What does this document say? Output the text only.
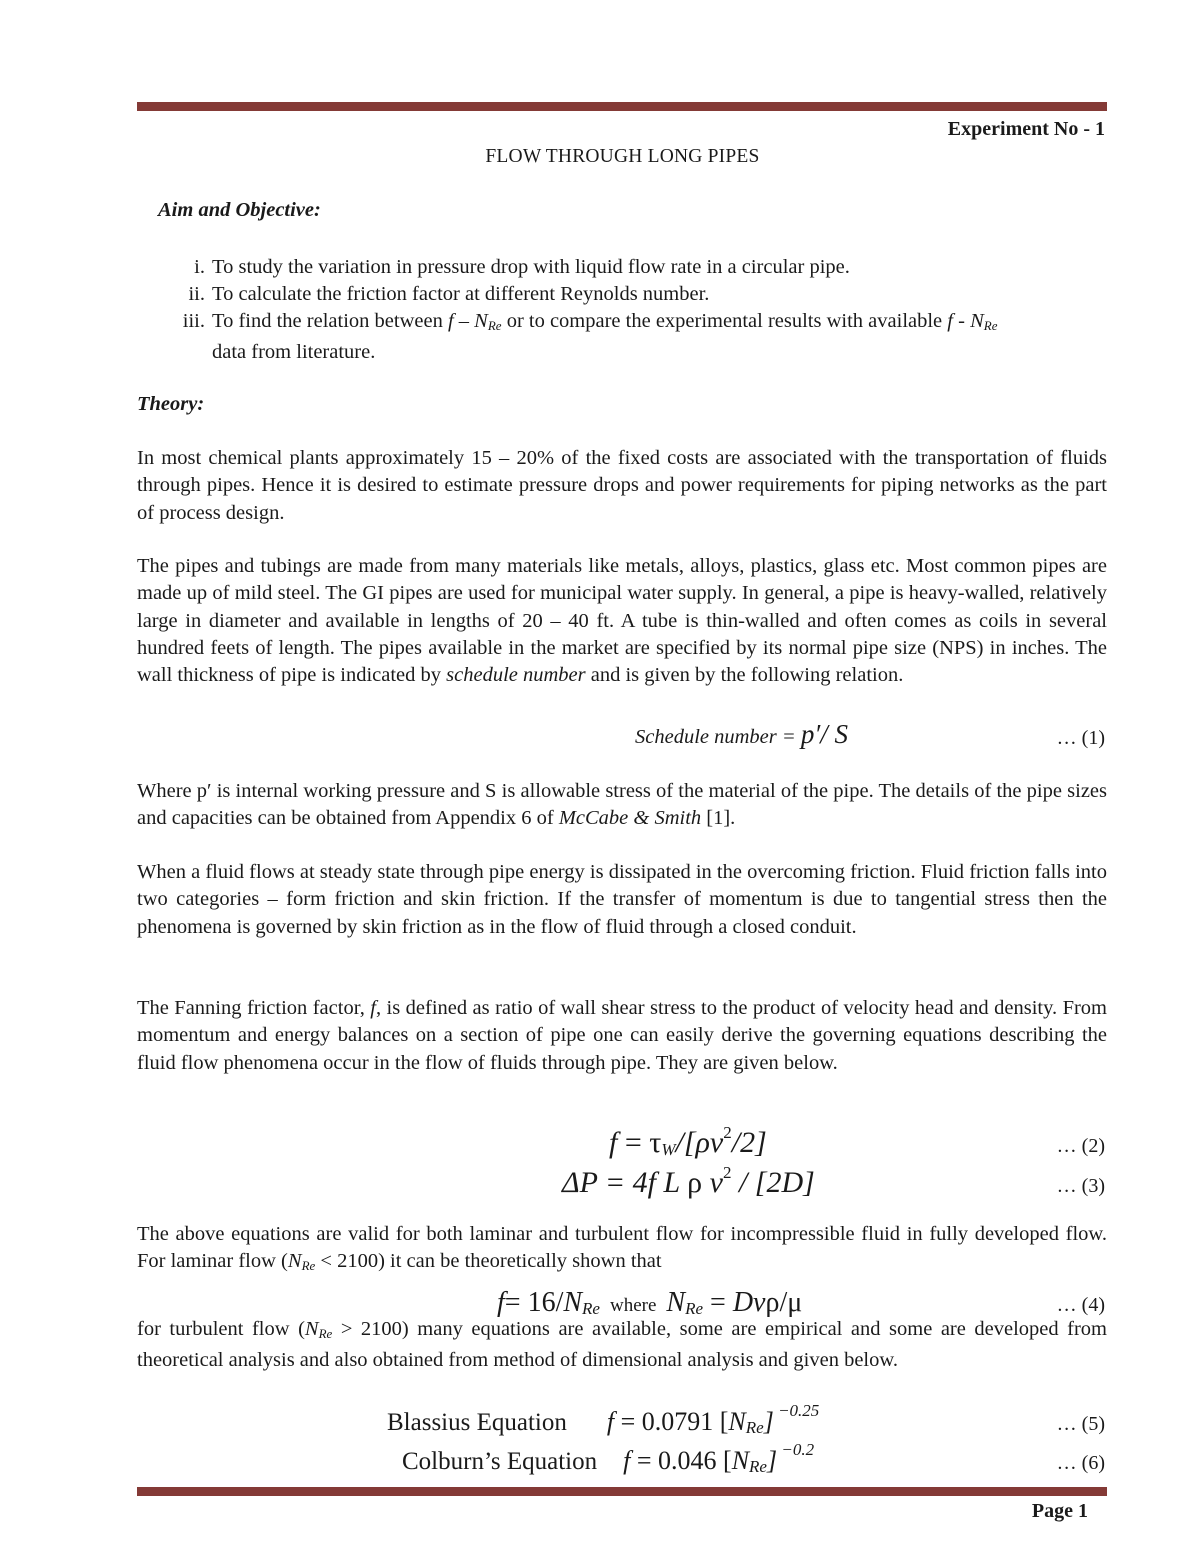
Experiment No - 1
FLOW THROUGH LONG PIPES
Aim and Objective:
i. To study the variation in pressure drop with liquid flow rate in a circular pipe.
ii. To calculate the friction factor at different Reynolds number.
iii. To find the relation between f – $N_{Re}$ or to compare the experimental results with available f - $N_{Re}$
data from literature.
Theory:
In most chemical plants approximately 15 – 20% of the fixed costs are associated with the transportation of fluids through pipes. Hence it is desired to estimate pressure drops and power requirements for piping networks as the part of process design.
The pipes and tubings are made from many materials like metals, alloys, plastics, glass etc. Most common pipes are made up of mild steel. The GI pipes are used for municipal water supply. In general, a pipe is heavy-walled, relatively large in diameter and available in lengths of 20 – 40 ft. A tube is thin-walled and often comes as coils in several hundred feets of length. The pipes available in the market are specified by its normal pipe size (NPS) in inches. The wall thickness of pipe is indicated by schedule number and is given by the following relation.
Schedule number = p′/ S	… (1)
Where p′ is internal working pressure and S is allowable stress of the material of the pipe. The details of the pipe sizes and capacities can be obtained from Appendix 6 of McCabe & Smith [1].
When a fluid flows at steady state through pipe energy is dissipated in the overcoming friction. Fluid friction falls into two categories – form friction and skin friction. If the transfer of momentum is due to tangential stress then the phenomena is governed by skin friction as in the flow of fluid through a closed conduit.
The Fanning friction factor, f, is defined as ratio of wall shear stress to the product of velocity head and density. From momentum and energy balances on a section of pipe one can easily derive the governing equations describing the fluid flow phenomena occur in the flow of fluids through pipe. They are given below.
$f = \tau W/[\rho v^2/2]$	… (2)
ΔP = 4f L ρ $v^2 / [2D]$	… (3)
The above equations are valid for both laminar and turbulent flow for incompressible fluid in fully developed flow. For laminar flow $(N_{Re} < 2100)$ it can be theoretically shown that
f= 16/NRe where NRe = Dvρ/μ	… (4)
for turbulent flow $(N_{Re} > 2100)$ many equations are available, some are empirical and some are developed from theoretical analysis and also obtained from method of dimensional analysis and given below.
Blassius Equation f = 0.0791 [NRe] $^{-0.25}$
… (5)
Colburn’s Equation f = 0.046 [NRe] $^{-0.2}$
… (6)
Page 1
